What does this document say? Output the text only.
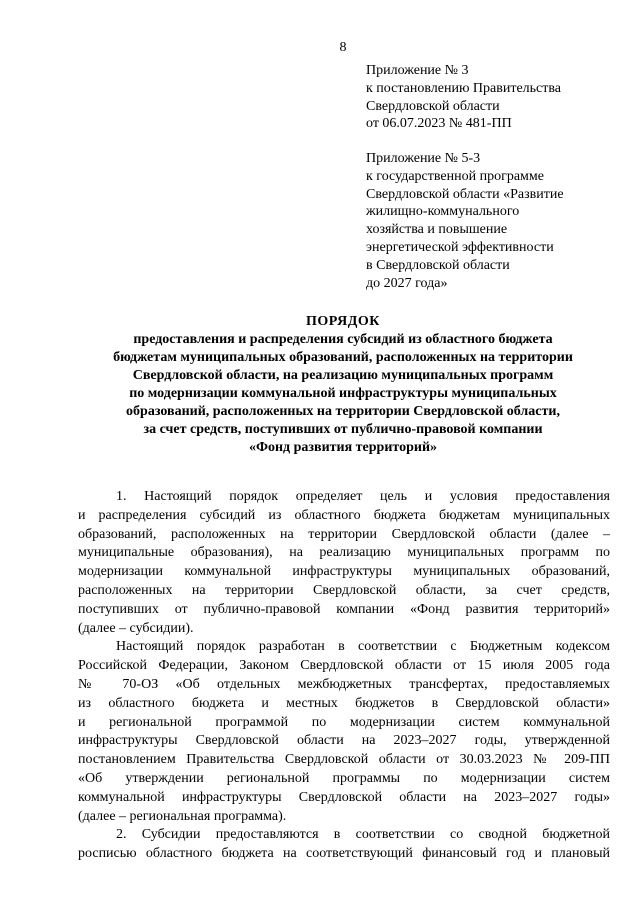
8
Приложение № 3
к постановлению Правительства
Свердловской области
от 06.07.2023 № 481-ПП
Приложение № 5-3
к государственной программе
Свердловской области «Развитие
жилищно-коммунального
хозяйства и повышение
энергетической эффективности
в Свердловской области
до 2027 года»
ПОРЯДОК
предоставления и распределения субсидий из областного бюджета
бюджетам муниципальных образований, расположенных на территории
Свердловской области, на реализацию муниципальных программ
по модернизации коммунальной инфраструктуры муниципальных
образований, расположенных на территории Свердловской области,
за счет средств, поступивших от публично-правовой компании
«Фонд развития территорий»
1. Настоящий порядок определяет цель и условия предоставления
и распределения субсидий из областного бюджета бюджетам муниципальных
образований, расположенных на территории Свердловской области (далее –
муниципальные образования), на реализацию муниципальных программ по
модернизации коммунальной инфраструктуры муниципальных образований,
расположенных на территории Свердловской области, за счет средств,
поступивших от публично-правовой компании «Фонд развития территорий»
(далее – субсидии).
Настоящий порядок разработан в соответствии с Бюджетным кодексом
Российской Федерации, Законом Свердловской области от 15 июля 2005 года
№ 70-ОЗ «Об отдельных межбюджетных трансфертах, предоставляемых
из областного бюджета и местных бюджетов в Свердловской области»
и региональной программой по модернизации систем коммунальной
инфраструктуры Свердловской области на 2023–2027 годы, утвержденной
постановлением Правительства Свердловской области от 30.03.2023 № 209-ПП
«Об утверждении региональной программы по модернизации систем
коммунальной инфраструктуры Свердловской области на 2023–2027 годы»
(далее – региональная программа).
2. Субсидии предоставляются в соответствии со сводной бюджетной
росписью областного бюджета на соответствующий финансовый год и плановый
